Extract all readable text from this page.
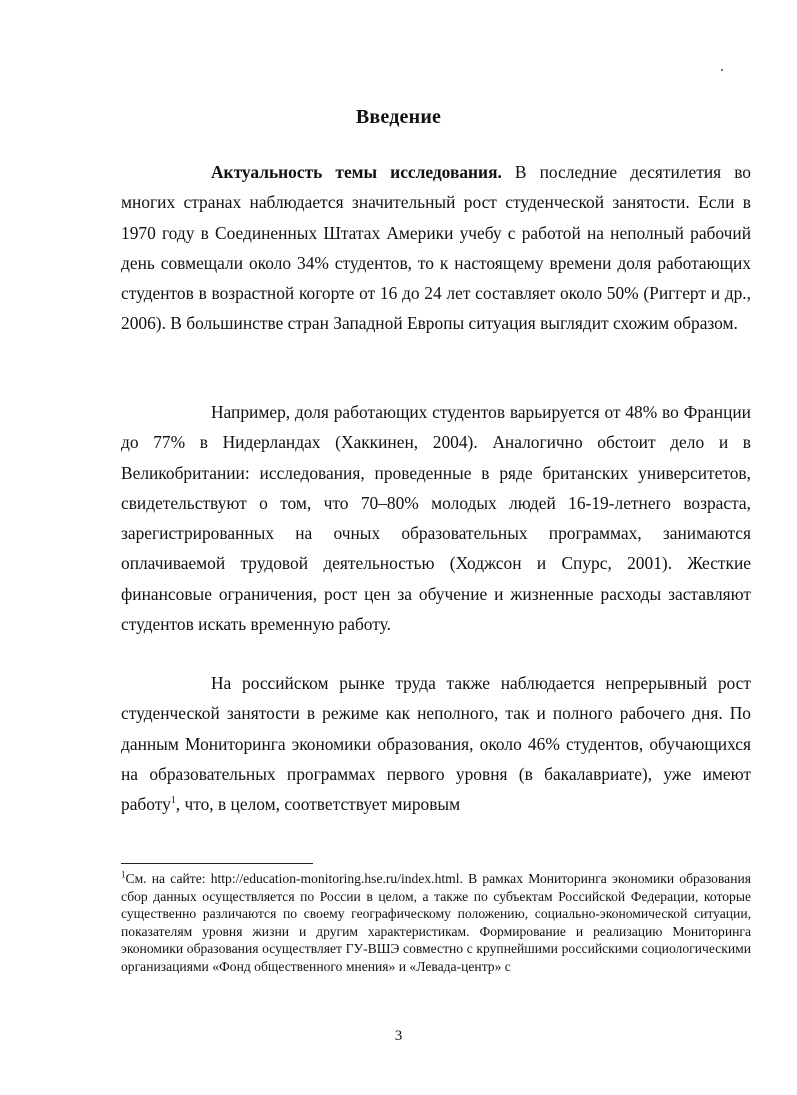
Введение

Актуальность темы исследования. В последние десятилетия во многих странах наблюдается значительный рост студенческой занятости. Если в 1970 году в Соединенных Штатах Америки учебу с работой на неполный рабочий день совмещали около 34% студентов, то к настоящему времени доля работающих студентов в возрастной когорте от 16 до 24 лет составляет около 50% (Риггерт и др., 2006). В большинстве стран Западной Европы ситуация выглядит схожим образом.

Например, доля работающих студентов варьируется от 48% во Франции до 77% в Нидерландах (Хаккинен, 2004). Аналогично обстоит дело и в Великобритании: исследования, проведенные в ряде британских университетов, свидетельствуют о том, что 70–80% молодых людей 16-19-летнего возраста, зарегистрированных на очных образовательных программах, занимаются оплачиваемой трудовой деятельностью (Ходжсон и Спурс, 2001). Жесткие финансовые ограничения, рост цен за обучение и жизненные расходы заставляют студентов искать временную работу.

На российском рынке труда также наблюдается непрерывный рост студенческой занятости в режиме как неполного, так и полного рабочего дня. По данным Мониторинга экономики образования, около 46% студентов, обучающихся на образовательных программах первого уровня (в бакалавриате), уже имеют работу$^1$, что, в целом, соответствует мировым

$^1$См. на сайте: http://education-monitoring.hse.ru/index.html. В рамках Мониторинга экономики образования сбор данных осуществляется по России в целом, а также по субъектам Российской Федерации, которые существенно различаются по своему географическому положению, социально-экономической ситуации, показателям уровня жизни и другим характеристикам. Формирование и реализацию Мониторинга экономики образования осуществляет ГУ-ВШЭ совместно с крупнейшими российскими социологическими организациями «Фонд общественного мнения» и «Левада-центр» с

3
